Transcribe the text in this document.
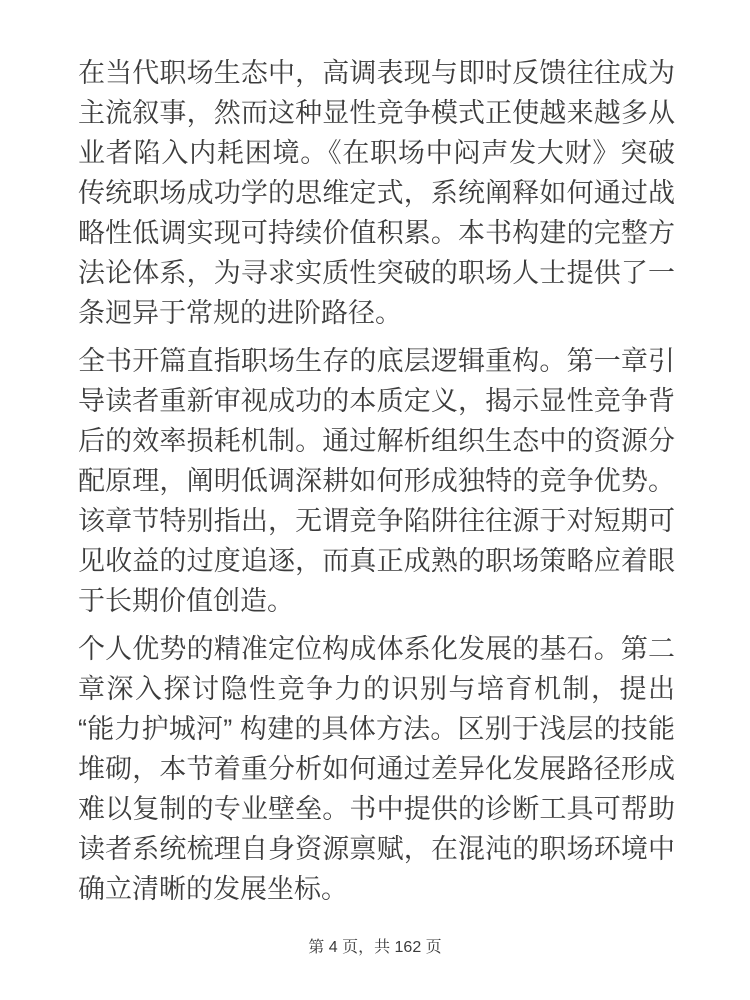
在当代职场生态中，高调表现与即时反馈往往成为主流叙事，然而这种显性竞争模式正使越来越多从业者陷入内耗困境。《在职场中闷声发大财》突破传统职场成功学的思维定式，系统阐释如何通过战略性低调实现可持续价值积累。本书构建的完整方法论体系，为寻求实质性突破的职场人士提供了一条迥异于常规的进阶路径。

全书开篇直指职场生存的底层逻辑重构。第一章引导读者重新审视成功的本质定义，揭示显性竞争背后的效率损耗机制。通过解析组织生态中的资源分配原理，阐明低调深耕如何形成独特的竞争优势。该章节特别指出，无谓竞争陷阱往往源于对短期可见收益的过度追逐，而真正成熟的职场策略应着眼于长期价值创造。

个人优势的精准定位构成体系化发展的基石。第二章深入探讨隐性竞争力的识别与培育机制，提出 “能力护城河” 构建的具体方法。区别于浅层的技能堆砌，本节着重分析如何通过差异化发展路径形成难以复制的专业壁垒。书中提供的诊断工具可帮助读者系统梳理自身资源禀赋，在混沌的职场环境中确立清晰的发展坐标。

第 4 页，共 162 页
